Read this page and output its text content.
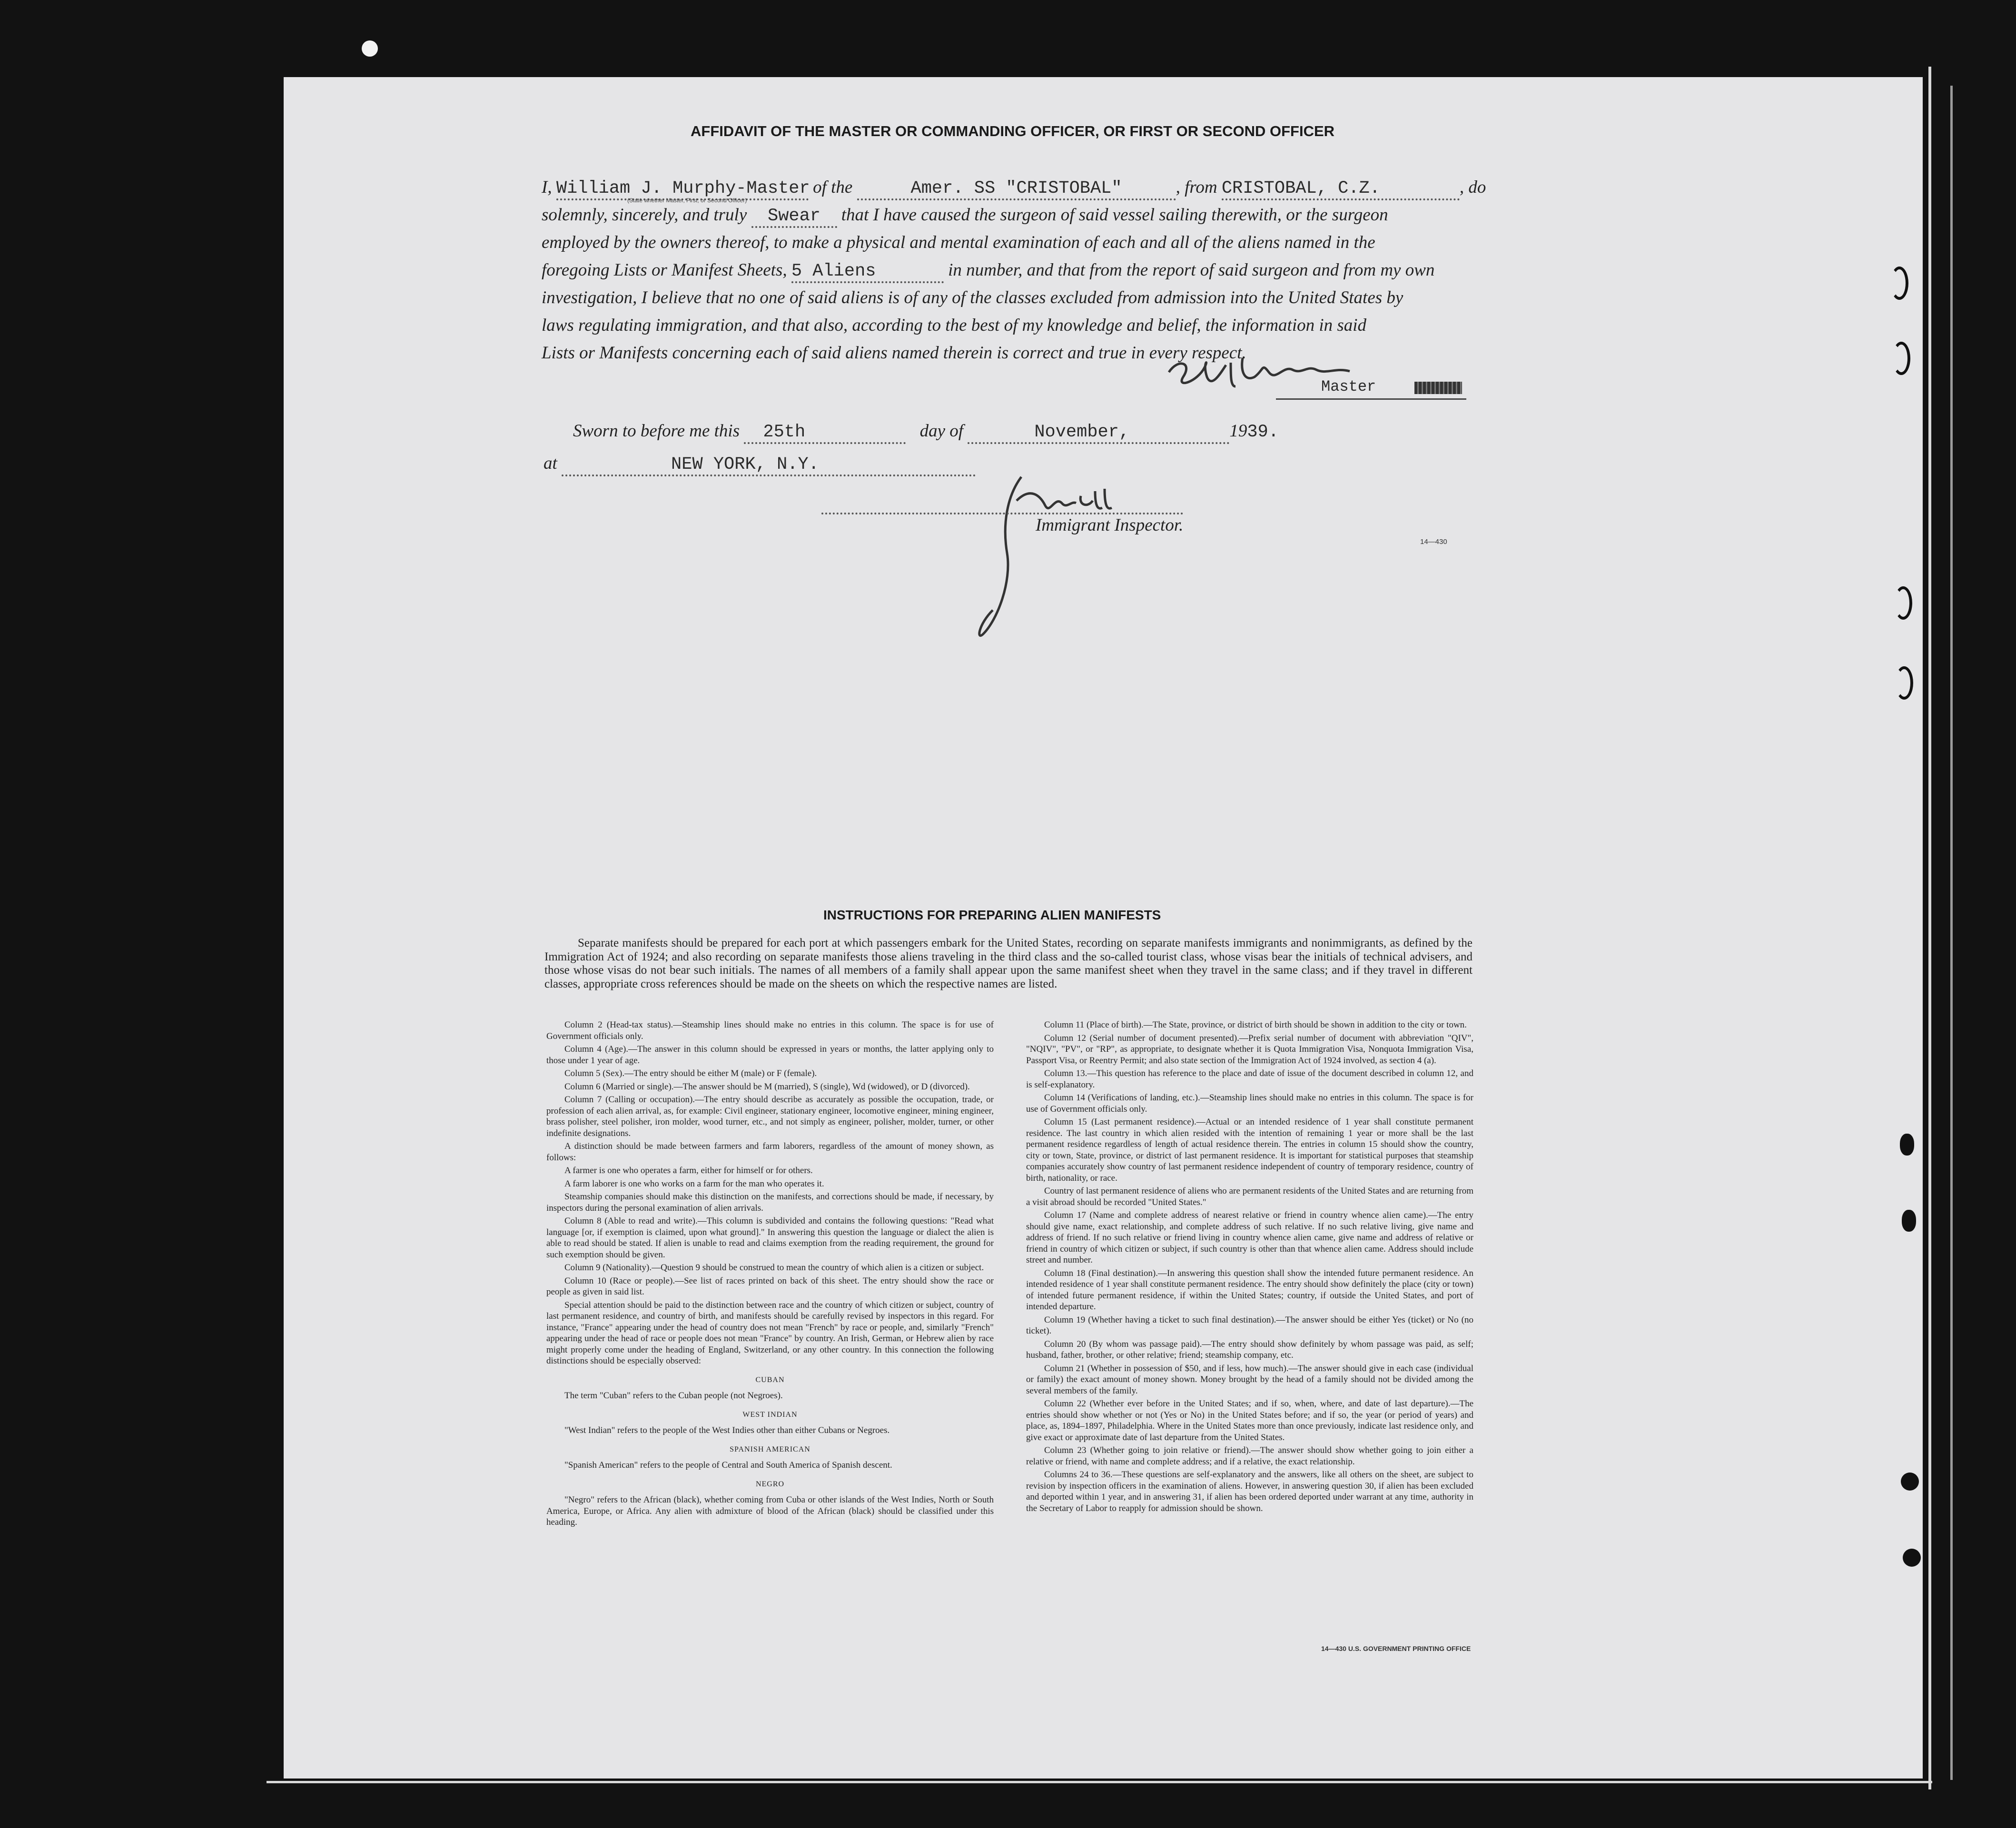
AFFIDAVIT OF THE MASTER OR COMMANDING OFFICER, OR FIRST OR SECOND OFFICER
I, William J. Murphy-Master of the	Amer. SS "CRISTOBAL"	, from CRISTOBAL, C.Z.	, do
(State whether Master, First, or Second Officer)
solemnly, sincerely, and truly Swear that I have caused the surgeon of said vessel sailing therewith, or the surgeon
employed by the owners thereof, to make a physical and mental examination of each and all of the aliens named in the
foregoing Lists or Manifest Sheets, 5 Aliens	in number, and that from the report of said surgeon and from my own
investigation, I believe that no one of said aliens is of any of the classes excluded from admission into the United States by
laws regulating immigration, and that also, according to the best of my knowledge and belief, the information in said
Lists or Manifests concerning each of said aliens named therein is correct and true in every respect.
Master
Sworn to before me this 25th	day of	November,	1939.
at	NEW YORK, N.Y.
Immigrant Inspector.
14—430
INSTRUCTIONS FOR PREPARING ALIEN MANIFESTS
Separate manifests should be prepared for each port at which passengers embark for the United States, recording on separate manifests immigrants and nonimmigrants, as defined by the Immigration Act of 1924; and also recording on separate manifests those aliens traveling in the third class and the so-called tourist class, whose visas bear the initials of technical advisers, and those whose visas do not bear such initials. The names of all members of a family shall appear upon the same manifest sheet when they travel in the same class; and if they travel in different classes, appropriate cross references should be made on the sheets on which the respective names are listed.

Column 2 (Head-tax status).—Steamship lines should make no entries in this column. The space is for use of Government officials only.

Column 4 (Age).—The answer in this column should be expressed in years or months, the latter applying only to those under 1 year of age.

Column 5 (Sex).—The entry should be either M (male) or F (female).

Column 6 (Married or single).—The answer should be M (married), S (single), Wd (widowed), or D (divorced).

Column 7 (Calling or occupation).—The entry should describe as accurately as possible the occupation, trade, or profession of each alien arrival, as, for example: Civil engineer, stationary engineer, locomotive engineer, mining engineer, brass polisher, steel polisher, iron molder, wood turner, etc., and not simply as engineer, polisher, molder, turner, or other indefinite designations.

A distinction should be made between farmers and farm laborers, regardless of the amount of money shown, as follows:

A farmer is one who operates a farm, either for himself or for others.

A farm laborer is one who works on a farm for the man who operates it.

Steamship companies should make this distinction on the manifests, and corrections should be made, if necessary, by inspectors during the personal examination of alien arrivals.

Column 8 (Able to read and write).—This column is subdivided and contains the following questions: "Read what language [or, if exemption is claimed, upon what ground]." In answering this question the language or dialect the alien is able to read should be stated. If alien is unable to read and claims exemption from the reading requirement, the ground for such exemption should be given.

Column 9 (Nationality).—Question 9 should be construed to mean the country of which alien is a citizen or subject.

Column 10 (Race or people).—See list of races printed on back of this sheet. The entry should show the race or people as given in said list.

Special attention should be paid to the distinction between race and the country of which citizen or subject, country of last permanent residence, and country of birth, and manifests should be carefully revised by inspectors in this regard. For instance, "France" appearing under the head of country does not mean "French" by race or people, and, similarly "French" appearing under the head of race or people does not mean "France" by country. An Irish, German, or Hebrew alien by race might properly come under the heading of England, Switzerland, or any other country. In this connection the following distinctions should be especially observed:

CUBAN

The term "Cuban" refers to the Cuban people (not Negroes).

WEST INDIAN

"West Indian" refers to the people of the West Indies other than either Cubans or Negroes.

SPANISH AMERICAN

"Spanish American" refers to the people of Central and South America of Spanish descent.

NEGRO

"Negro" refers to the African (black), whether coming from Cuba or other islands of the West Indies, North or South America, Europe, or Africa. Any alien with admixture of blood of the African (black) should be classified under this heading.

Column 11 (Place of birth).—The State, province, or district of birth should be shown in addition to the city or town.

Column 12 (Serial number of document presented).—Prefix serial number of document with abbreviation "QIV", "NQIV", "PV", or "RP", as appropriate, to designate whether it is Quota Immigration Visa, Nonquota Immigration Visa, Passport Visa, or Reentry Permit; and also state section of the Immigration Act of 1924 involved, as section 4 (a).

Column 13.—This question has reference to the place and date of issue of the document described in column 12, and is self-explanatory.

Column 14 (Verifications of landing, etc.).—Steamship lines should make no entries in this column. The space is for use of Government officials only.

Column 15 (Last permanent residence).—Actual or an intended residence of 1 year shall constitute permanent residence. The last country in which alien resided with the intention of remaining 1 year or more shall be the last permanent residence regardless of length of actual residence therein. The entries in column 15 should show the country, city or town, State, province, or district of last permanent residence. It is important for statistical purposes that steamship companies accurately show country of last permanent residence independent of country of temporary residence, country of birth, nationality, or race.

Country of last permanent residence of aliens who are permanent residents of the United States and are returning from a visit abroad should be recorded "United States."

Column 17 (Name and complete address of nearest relative or friend in country whence alien came).—The entry should give name, exact relationship, and complete address of such relative. If no such relative living, give name and address of friend. If no such relative or friend living in country whence alien came, give name and address of relative or friend in country of which citizen or subject, if such country is other than that whence alien came. Address should include street and number.

Column 18 (Final destination).—In answering this question shall show the intended future permanent residence. An intended residence of 1 year shall constitute permanent residence. The entry should show definitely the place (city or town) of intended future permanent residence, if within the United States; country, if outside the United States, and port of intended departure.

Column 19 (Whether having a ticket to such final destination).—The answer should be either Yes (ticket) or No (no ticket).

Column 20 (By whom was passage paid).—The entry should show definitely by whom passage was paid, as self; husband, father, brother, or other relative; friend; steamship company, etc.

Column 21 (Whether in possession of $50, and if less, how much).—The answer should give in each case (individual or family) the exact amount of money shown. Money brought by the head of a family should not be divided among the several members of the family.

Column 22 (Whether ever before in the United States; and if so, when, where, and date of last departure).—The entries should show whether or not (Yes or No) in the United States before; and if so, the year (or period of years) and place, as, 1894–1897, Philadelphia. Where in the United States more than once previously, indicate last residence only, and give exact or approximate date of last departure from the United States.

Column 23 (Whether going to join relative or friend).—The answer should show whether going to join either a relative or friend, with name and complete address; and if a relative, the exact relationship.

Columns 24 to 36.—These questions are self-explanatory and the answers, like all others on the sheet, are subject to revision by inspection officers in the examination of aliens. However, in answering question 30, if alien has been excluded and deported within 1 year, and in answering 31, if alien has been ordered deported under warrant at any time, authority in the Secretary of Labor to reapply for admission should be shown.

14—430 U.S. GOVERNMENT PRINTING OFFICE
